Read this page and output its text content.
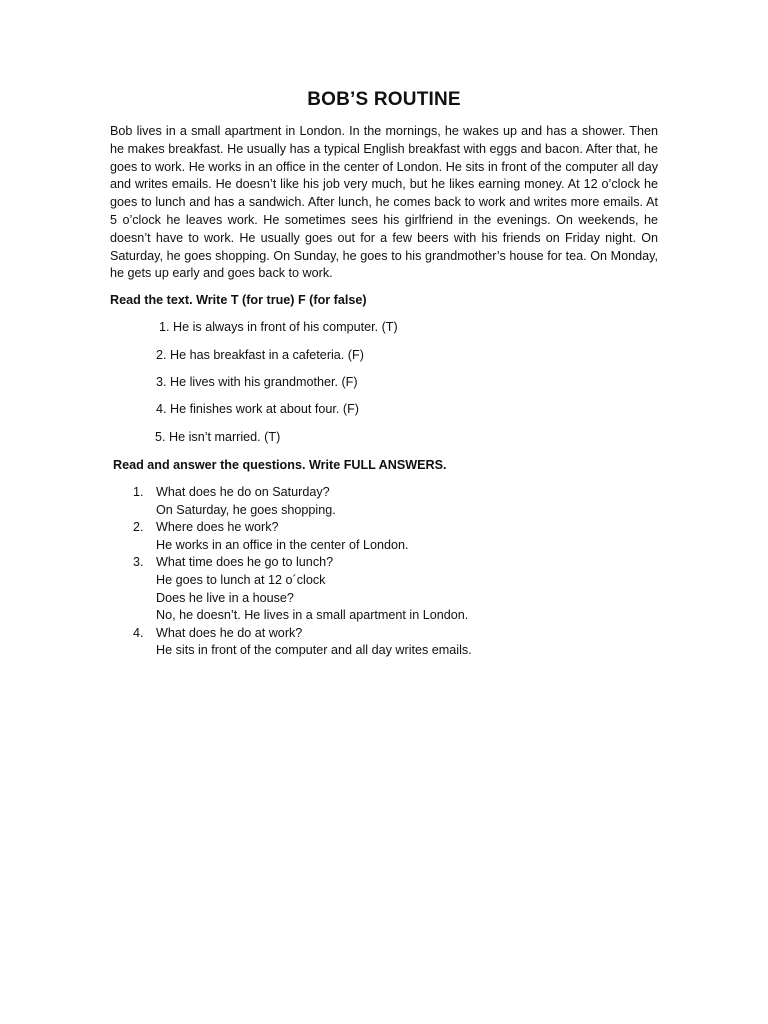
BOB’S ROUTINE

Bob lives in a small apartment in London. In the mornings, he wakes up and has a shower. Then he makes breakfast. He usually has a typical English breakfast with eggs and bacon. After that, he goes to work. He works in an office in the center of London. He sits in front of the computer all day and writes emails. He doesn’t like his job very much, but he likes earning money. At 12 o’clock he goes to lunch and has a sandwich. After lunch, he comes back to work and writes more emails. At 5 o’clock he leaves work. He sometimes sees his girlfriend in the evenings. On weekends, he doesn’t have to work. He usually goes out for a few beers with his friends on Friday night. On Saturday, he goes shopping. On Sunday, he goes to his grandmother’s house for tea. On Monday, he gets up early and goes back to work.

Read the text. Write T (for true) F (for false)

1. He is always in front of his computer. (T)

2. He has breakfast in a cafeteria. (F)

3. He lives with his grandmother. (F)

4. He finishes work at about four. (F)

5. He isn’t married. (T)

Read and answer the questions. Write FULL ANSWERS.

1. What does he do on Saturday?
On Saturday, he goes shopping.
2. Where does he work?
He works in an office in the center of London.
3. What time does he go to lunch?
He goes to lunch at 12 o´clock
Does he live in a house?
No, he doesn’t. He lives in a small apartment in London.
4. What does he do at work?
He sits in front of the computer and all day writes emails.
